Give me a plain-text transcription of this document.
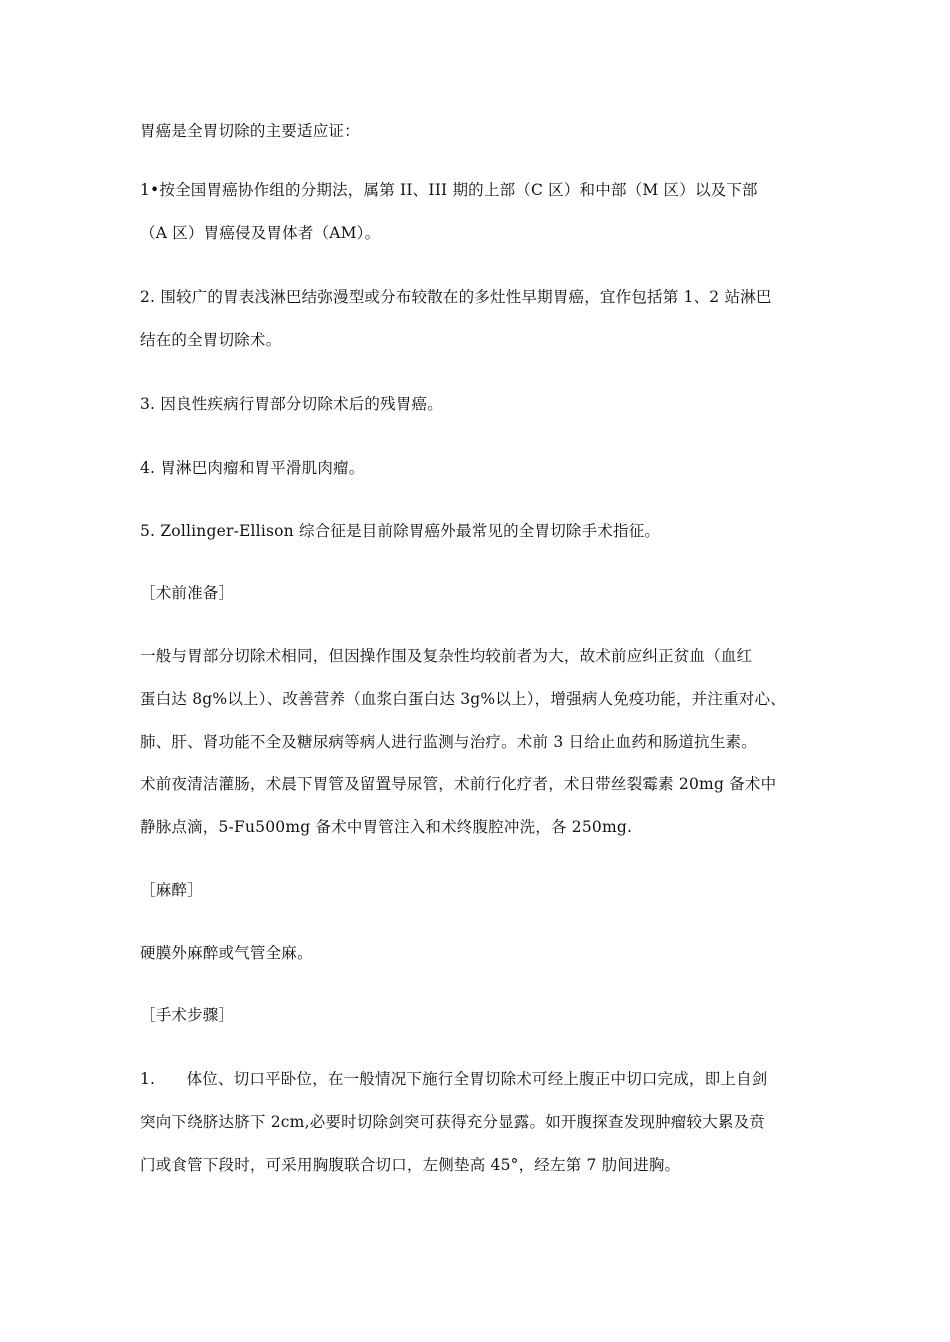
胃癌是全胃切除的主要适应证：
1•按全国胃癌协作组的分期法，属第 II、III 期的上部（C 区）和中部（M 区）以及下部
（A 区）胃癌侵及胃体者（AM）。
2. 围较广的胃表浅淋巴结弥漫型或分布较散在的多灶性早期胃癌，宜作包括第 1、2 站淋巴
结在的全胃切除术。
3. 因良性疾病行胃部分切除术后的残胃癌。
4. 胃淋巴肉瘤和胃平滑肌肉瘤。
5. Zollinger-Ellison 综合征是目前除胃癌外最常见的全胃切除手术指征。
［术前准备］
一般与胃部分切除术相同，但因操作围及复杂性均较前者为大，故术前应纠正贫血（血红
蛋白达 8g%以上）、改善营养（血浆白蛋白达 3g%以上），增强病人免疫功能，并注重对心、
肺、肝、肾功能不全及糖尿病等病人进行监测与治疗。术前 3 日给止血药和肠道抗生素。
术前夜清洁灌肠，术晨下胃管及留置导尿管，术前行化疗者，术日带丝裂霉素 20mg 备术中
静脉点滴，5-Fu500mg 备术中胃管注入和术终腹腔冲洗，各 250mg.
［麻醉］
硬膜外麻醉或气管全麻。
［手术步骤］
1.　　体位、切口平卧位，在一般情况下施行全胃切除术可经上腹正中切口完成，即上自剑
突向下绕脐达脐下 2cm,必要时切除剑突可获得充分显露。如开腹探查发现肿瘤较大累及贲
门或食管下段时，可采用胸腹联合切口，左侧垫高 45°，经左第 7 肋间进胸。
